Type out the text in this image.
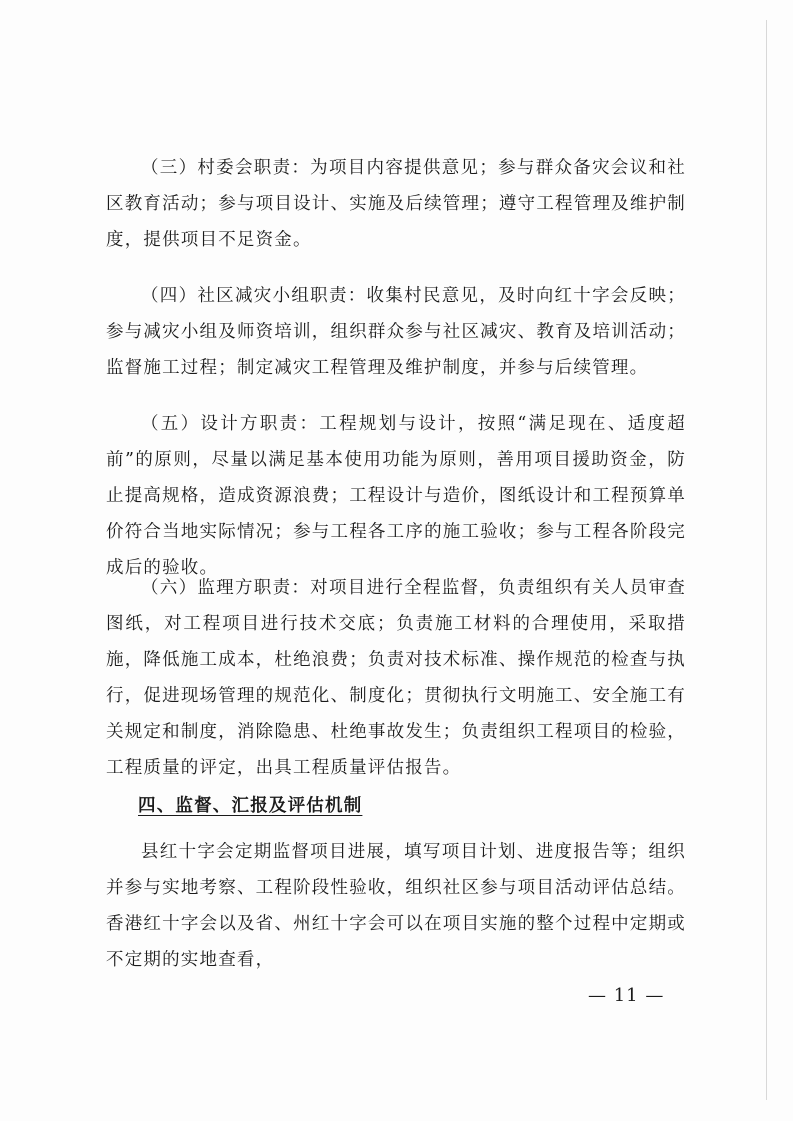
（三）村委会职责：为项目内容提供意见；参与群众备灾会议和社区教育活动；参与项目设计、实施及后续管理；遵守工程管理及维护制度，提供项目不足资金。

（四）社区减灾小组职责：收集村民意见，及时向红十字会反映；参与减灾小组及师资培训，组织群众参与社区减灾、教育及培训活动；监督施工过程；制定减灾工程管理及维护制度，并参与后续管理。

（五）设计方职责：工程规划与设计，按照“满足现在、适度超前”的原则，尽量以满足基本使用功能为原则，善用项目援助资金，防止提高规格，造成资源浪费；工程设计与造价，图纸设计和工程预算单价符合当地实际情况；参与工程各工序的施工验收；参与工程各阶段完成后的验收。

（六）监理方职责：对项目进行全程监督，负责组织有关人员审查图纸，对工程项目进行技术交底；负责施工材料的合理使用，采取措施，降低施工成本，杜绝浪费；负责对技术标准、操作规范的检查与执行，促进现场管理的规范化、制度化；贯彻执行文明施工、安全施工有关规定和制度，消除隐患、杜绝事故发生；负责组织工程项目的检验，工程质量的评定，出具工程质量评估报告。

四、监督、汇报及评估机制

县红十字会定期监督项目进展，填写项目计划、进度报告等；组织并参与实地考察、工程阶段性验收，组织社区参与项目活动评估总结。香港红十字会以及省、州红十字会可以在项目实施的整个过程中定期或不定期的实地查看，

— 11 —
